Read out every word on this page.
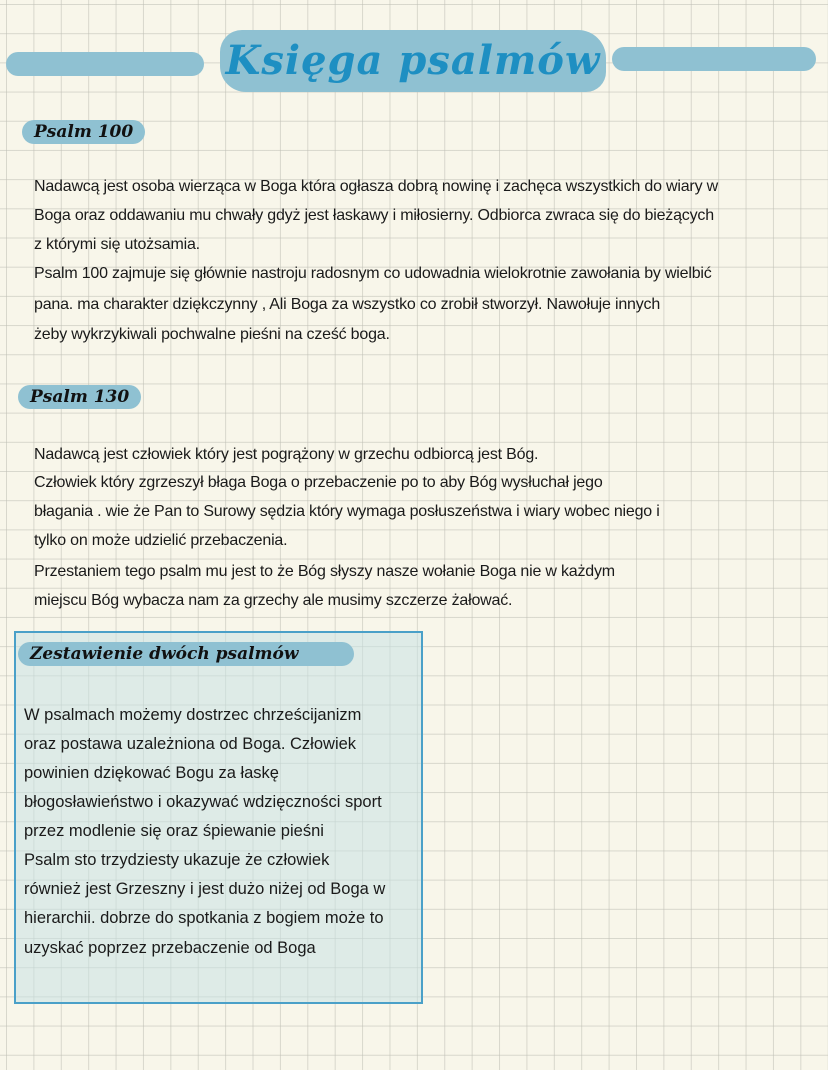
Księga psalmów
Psalm 100
Nadawcą jest osoba wierząca w Boga która ogłasza dobrą nowinę i zachęca wszystkich do wiary w
Boga oraz oddawaniu mu chwały gdyż jest łaskawy i miłosierny. Odbiorca zwraca się do bieżących
z którymi się utożsamia.
Psalm 100 zajmuje się głównie nastroju radosnym co udowadnia wielokrotnie zawołania by wielbić
pana. ma charakter dziękczynny , Ali Boga za wszystko co zrobił stworzył. Nawołuje innych
żeby wykrzykiwali pochwalne pieśni na cześć boga.
Psalm 130
Nadawcą jest człowiek który jest pogrążony w grzechu odbiorcą jest Bóg.
Człowiek który zgrzeszył błaga Boga o przebaczenie po to aby Bóg wysłuchał jego
błagania . wie że Pan to Surowy sędzia który wymaga posłuszeństwa i wiary wobec niego i
tylko on może udzielić przebaczenia.
Przestaniem tego psalm mu jest to że Bóg słyszy nasze wołanie Boga nie w każdym
miejscu Bóg wybacza nam za grzechy ale musimy szczerze żałować.
Zestawienie dwóch psalmów
W psalmach możemy dostrzec chrześcijanizm
oraz postawa uzależniona od Boga. Człowiek
powinien dziękować Bogu za łaskę
błogosławieństwo i okazywać wdzięczności sport
przez modlenie się oraz śpiewanie pieśni
Psalm sto trzydziesty ukazuje że człowiek
również jest Grzeszny i jest dużo niżej od Boga w
hierarchii. dobrze do spotkania z bogiem może to
uzyskać poprzez przebaczenie od Boga
